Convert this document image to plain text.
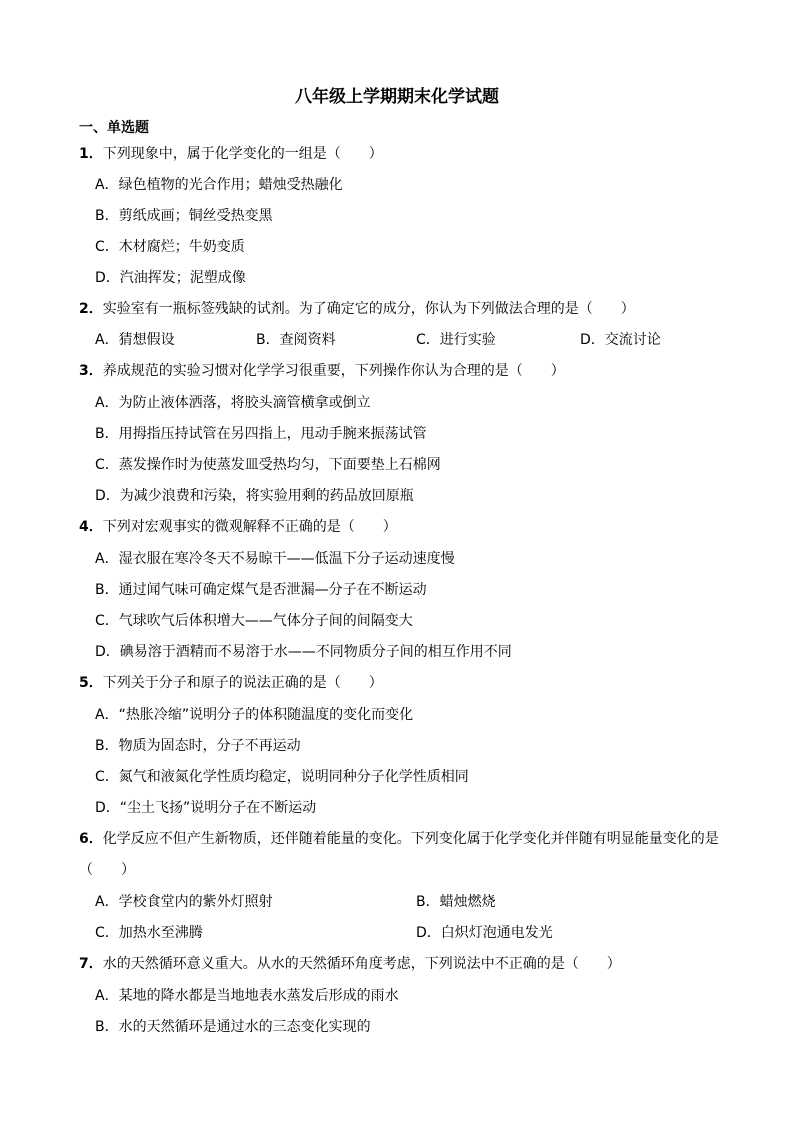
八年级上学期期末化学试题
一、单选题
1．下列现象中，属于化学变化的一组是（　　）
A．绿色植物的光合作用；蜡烛受热融化
B．剪纸成画；铜丝受热变黑
C．木材腐烂；牛奶变质
D．汽油挥发；泥塑成像
2．实验室有一瓶标签残缺的试剂。为了确定它的成分，你认为下列做法合理的是（　　）
A．猜想假设	B．查阅资料	C．进行实验	D．交流讨论
3．养成规范的实验习惯对化学学习很重要，下列操作你认为合理的是（　　）
A．为防止液体洒落，将胶头滴管横拿或倒立
B．用拇指压持试管在另四指上，甩动手腕来振荡试管
C．蒸发操作时为使蒸发皿受热均匀，下面要垫上石棉网
D．为减少浪费和污染，将实验用剩的药品放回原瓶
4．下列对宏观事实的微观解释不正确的是（　　）
A．湿衣服在寒冷冬天不易晾干——低温下分子运动速度慢
B．通过闻气味可确定煤气是否泄漏—分子在不断运动
C．气球吹气后体积增大——气体分子间的间隔变大
D．碘易溶于酒精而不易溶于水——不同物质分子间的相互作用不同
5．下列关于分子和原子的说法正确的是（　　）
A．“热胀冷缩”说明分子的体积随温度的变化而变化
B．物质为固态时，分子不再运动
C．氮气和液氮化学性质均稳定，说明同种分子化学性质相同
D．“尘土飞扬”说明分子在不断运动
6．化学反应不但产生新物质，还伴随着能量的变化。下列变化属于化学变化并伴随有明显能量变化的是
（　　）
A．学校食堂内的紫外灯照射	B．蜡烛燃烧
C．加热水至沸腾	D．白炽灯泡通电发光
7．水的天然循环意义重大。从水的天然循环角度考虑，下列说法中不正确的是（　　）
A．某地的降水都是当地地表水蒸发后形成的雨水
B．水的天然循环是通过水的三态变化实现的
